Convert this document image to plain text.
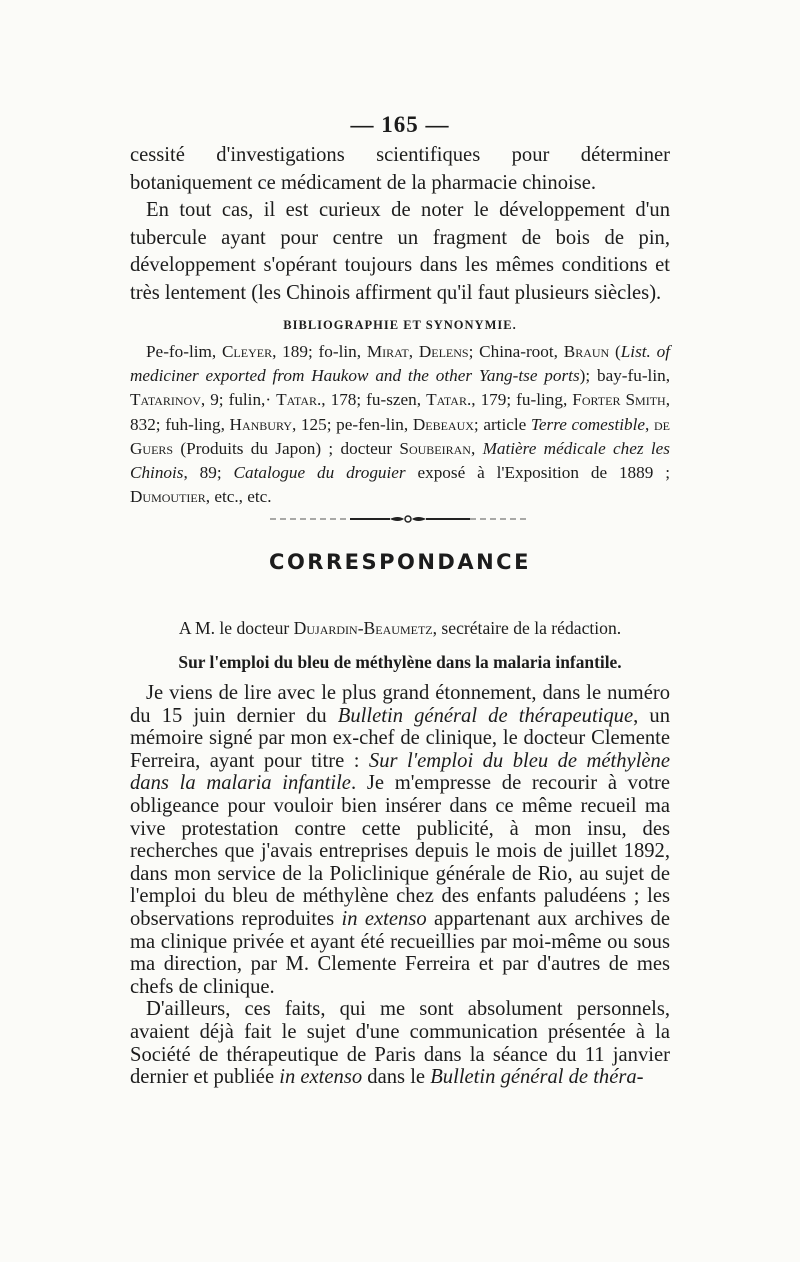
— 165 —

cessité d'investigations scientifiques pour déterminer botaniquement ce médicament de la pharmacie chinoise.

En tout cas, il est curieux de noter le développement d'un tubercule ayant pour centre un fragment de bois de pin, développement s'opérant toujours dans les mêmes conditions et très lentement (les Chinois affirment qu'il faut plusieurs siècles).

BIBLIOGRAPHIE ET SYNONYMIE.

Pe-fo-lim, Cleyer, 189; fo-lin, Mirat, Delens; China-root, Braun (List. of mediciner exported from Haukow and the other Yang-tse ports); bay-fu-lin, Tatarinov, 9; fulin,· Tatar., 178; fu-szen, Tatar., 179; fu-ling, Forter Smith, 832; fuh-ling, Hanbury, 125; pe-fen-lin, Debeaux; article Terre comestible, de Guers (Produits du Japon) ; docteur Soubeiran, Matière médicale chez les Chinois, 89; Catalogue du droguier exposé à l'Exposition de 1889 ; Dumoutier, etc., etc.

CORRESPONDANCE
A M. le docteur Dujardin-Beaumetz, secrétaire de la rédaction.
Sur l'emploi du bleu de méthylène dans la malaria infantile.

Je viens de lire avec le plus grand étonnement, dans le numéro du 15 juin dernier du Bulletin général de thérapeutique, un mémoire signé par mon ex-chef de clinique, le docteur Clemente Ferreira, ayant pour titre : Sur l'emploi du bleu de méthylène dans la malaria infantile. Je m'empresse de recourir à votre obligeance pour vouloir bien insérer dans ce même recueil ma vive protestation contre cette publicité, à mon insu, des recherches que j'avais entreprises depuis le mois de juillet 1892, dans mon service de la Policlinique générale de Rio, au sujet de l'emploi du bleu de méthylène chez des enfants paludéens ; les observations reproduites in extenso appartenant aux archives de ma clinique privée et ayant été recueillies par moi-même ou sous ma direction, par M. Clemente Ferreira et par d'autres de mes chefs de clinique.

D'ailleurs, ces faits, qui me sont absolument personnels, avaient déjà fait le sujet d'une communication présentée à la Société de thérapeutique de Paris dans la séance du 11 janvier dernier et publiée in extenso dans le Bulletin général de théra-
